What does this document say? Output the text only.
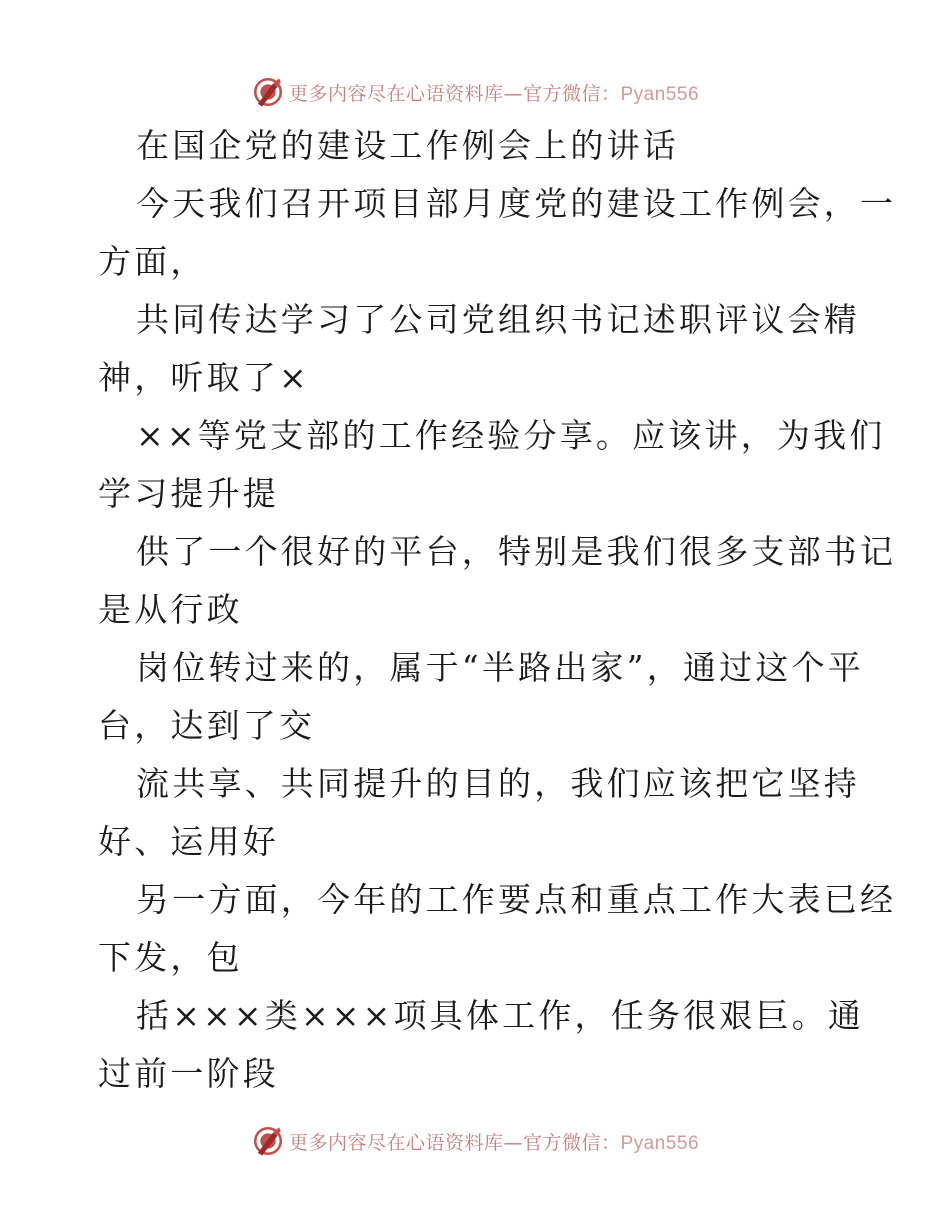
更多内容尽在心语资料库—官方微信：Pyan556
在国企党的建设工作例会上的讲话
今天我们召开项目部月度党的建设工作例会，一
方面，
共同传达学习了公司党组织书记述职评议会精
神，听取了×
××等党支部的工作经验分享。应该讲，为我们
学习提升提
供了一个很好的平台，特别是我们很多支部书记
是从行政
岗位转过来的，属于“半路出家”，通过这个平
台，达到了交
流共享、共同提升的目的，我们应该把它坚持
好、运用好
另一方面，今年的工作要点和重点工作大表已经
下发，包
括×××类×××项具体工作，任务很艰巨。通
过前一阶段
更多内容尽在心语资料库—官方微信：Pyan556
